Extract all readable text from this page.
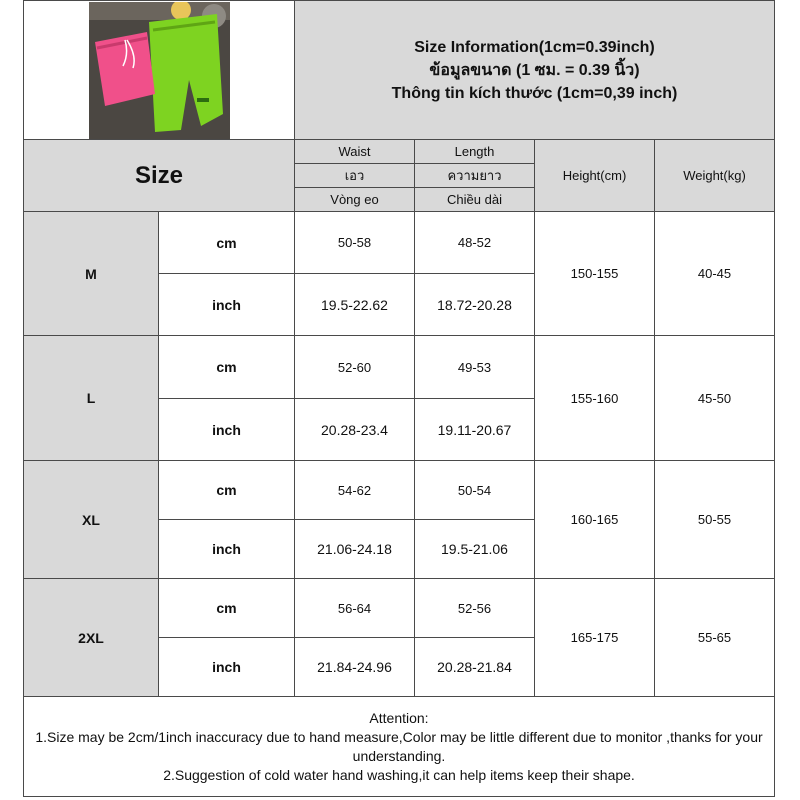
Size Information(1cm=0.39inch)
ข้อมูลขนาด (1 ซม. = 0.39 นิ้ว)
Thông tin kích thước (1cm=0,39 inch)			

Size		Waist	Length	Height(cm)	Weight(kg)
		เอว	ความยาว		
		Vòng eo	Chiều dài		
M	cm	50-58	48-52	150-155	40-45
	inch	19.5-22.62	18.72-20.28		
L	cm	52-60	49-53	155-160	45-50
	inch	20.28-23.4	19.11-20.67		
XL	cm	54-62	50-54	160-165	50-55
	inch	21.06-24.18	19.5-21.06		
2XL	cm	56-64	52-56	165-175	55-65
	inch	21.84-24.96	20.28-21.84		

Attention:
1.Size may be 2cm/1inch inaccuracy due to hand measure,Color may be little different due to monitor ,thanks for your understanding.
2.Suggestion of cold water hand washing,it can help items keep their shape.					
